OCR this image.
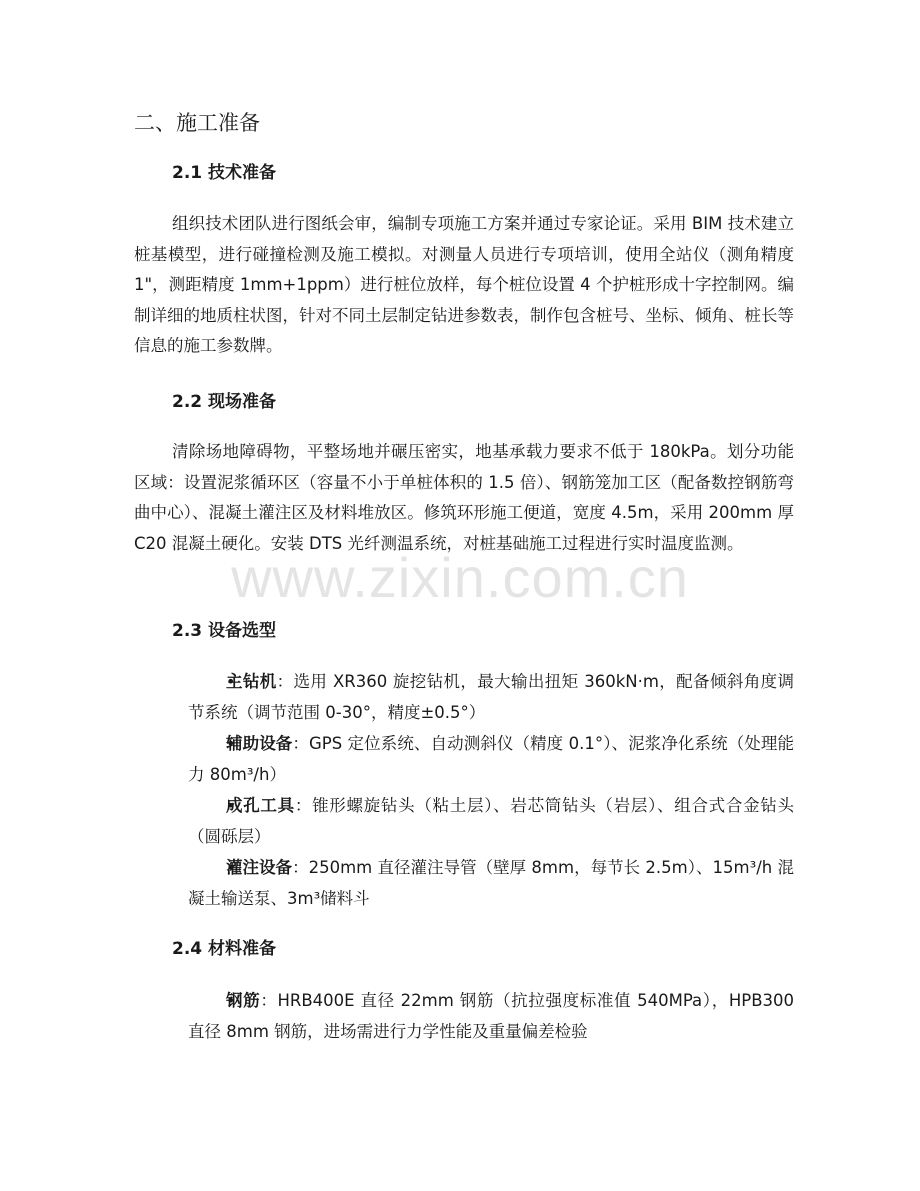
二、施工准备
2.1 技术准备

组织技术团队进行图纸会审，编制专项施工方案并通过专家论证。采用 BIM 技术建立桩基模型，进行碰撞检测及施工模拟。对测量人员进行专项培训，使用全站仪（测角精度 1"，测距精度 1mm+1ppm）进行桩位放样，每个桩位设置 4 个护桩形成十字控制网。编制详细的地质柱状图，针对不同土层制定钻进参数表，制作包含桩号、坐标、倾角、桩长等信息的施工参数牌。

2.2 现场准备

清除场地障碍物，平整场地并碾压密实，地基承载力要求不低于 180kPa。划分功能区域：设置泥浆循环区（容量不小于单桩体积的 1.5 倍）、钢筋笼加工区（配备数控钢筋弯曲中心）、混凝土灌注区及材料堆放区。修筑环形施工便道，宽度 4.5m，采用 200mm 厚 C20 混凝土硬化。安装 DTS 光纤测温系统，对桩基础施工过程进行实时温度监测。

2.3 设备选型

• 主钻机：选用 XR360 旋挖钻机，最大输出扭矩 360kN·m，配备倾斜角度调节系统（调节范围 0-30°，精度±0.5°）

• 辅助设备：GPS 定位系统、自动测斜仪（精度 0.1°）、泥浆净化系统（处理能力 80m³/h）

• 成孔工具：锥形螺旋钻头（粘土层）、岩芯筒钻头（岩层）、组合式合金钻头（圆砾层）

• 灌注设备：250mm 直径灌注导管（壁厚 8mm，每节长 2.5m）、15m³/h 混凝土输送泵、3m³储料斗

2.4 材料准备

• 钢筋：HRB400E 直径 22mm 钢筋（抗拉强度标准值 540MPa），HPB300 直径 8mm 钢筋，进场需进行力学性能及重量偏差检验

www.zixin.com.cn
